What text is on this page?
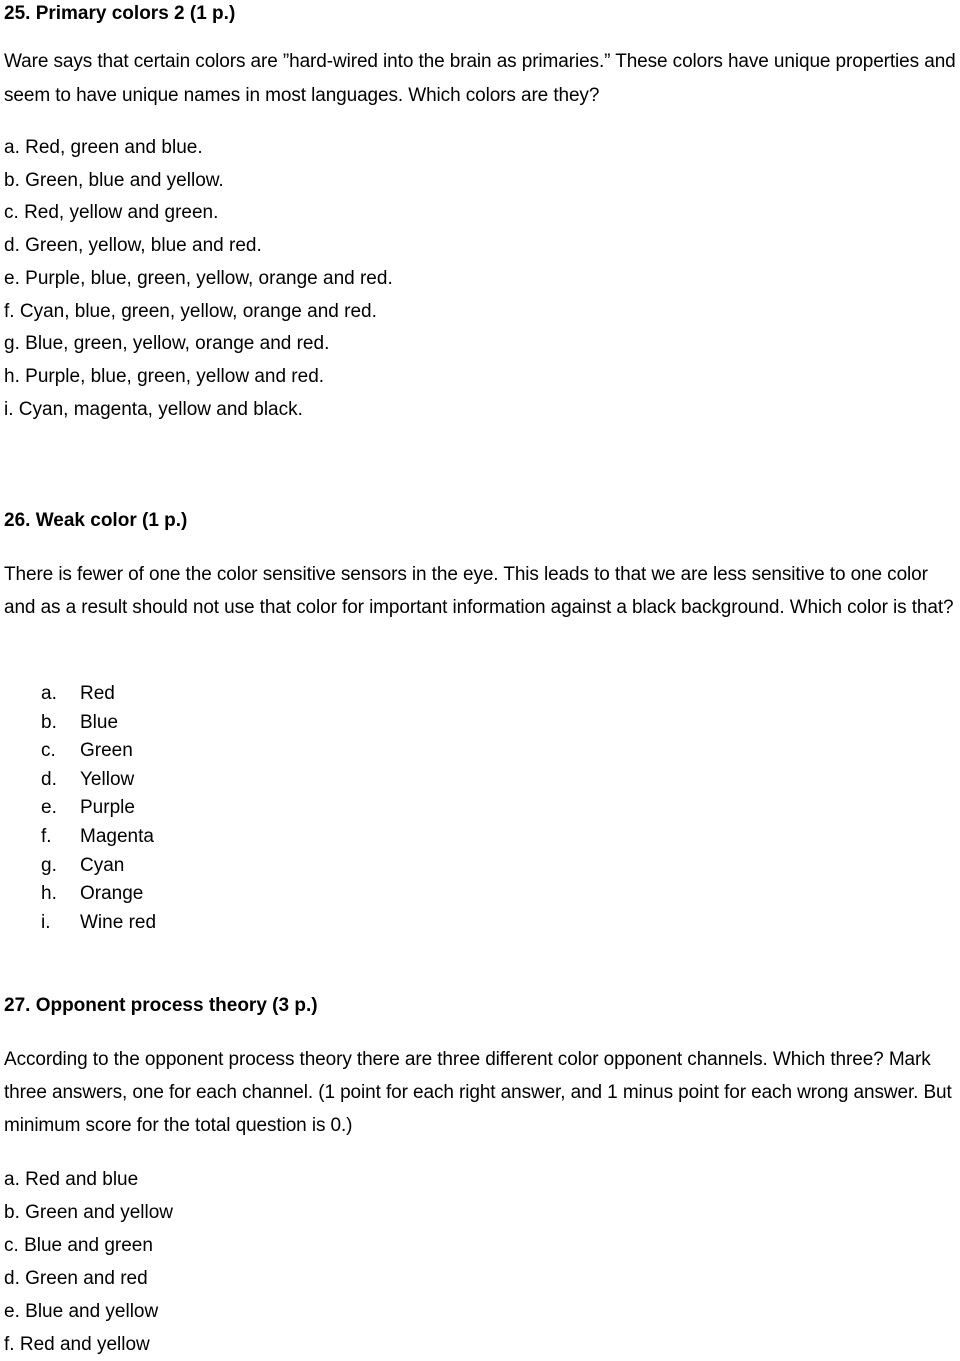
25. Primary colors 2 (1 p.)
Ware says that certain colors are ”hard-wired into the brain as primaries.” These colors have unique properties and seem to have unique names in most languages. Which colors are they?
a. Red, green and blue.
b. Green, blue and yellow.
c. Red, yellow and green.
d. Green, yellow, blue and red.
e. Purple, blue, green, yellow, orange and red.
f. Cyan, blue, green, yellow, orange and red.
g. Blue, green, yellow, orange and red.
h. Purple, blue, green, yellow and red.
i. Cyan, magenta, yellow and black.
26. Weak color (1 p.)
There is fewer of one the color sensitive sensors in the eye. This leads to that we are less sensitive to one color and as a result should not use that color for important information against a black background. Which color is that?
a. Red
b. Blue
c. Green
d. Yellow
e. Purple
f. Magenta
g. Cyan
h. Orange
i. Wine red
27. Opponent process theory (3 p.)
According to the opponent process theory there are three different color opponent channels. Which three? Mark three answers, one for each channel. (1 point for each right answer, and 1 minus point for each wrong answer. But minimum score for the total question is 0.)
a. Red and blue
b. Green and yellow
c. Blue and green
d. Green and red
e. Blue and yellow
f. Red and yellow
